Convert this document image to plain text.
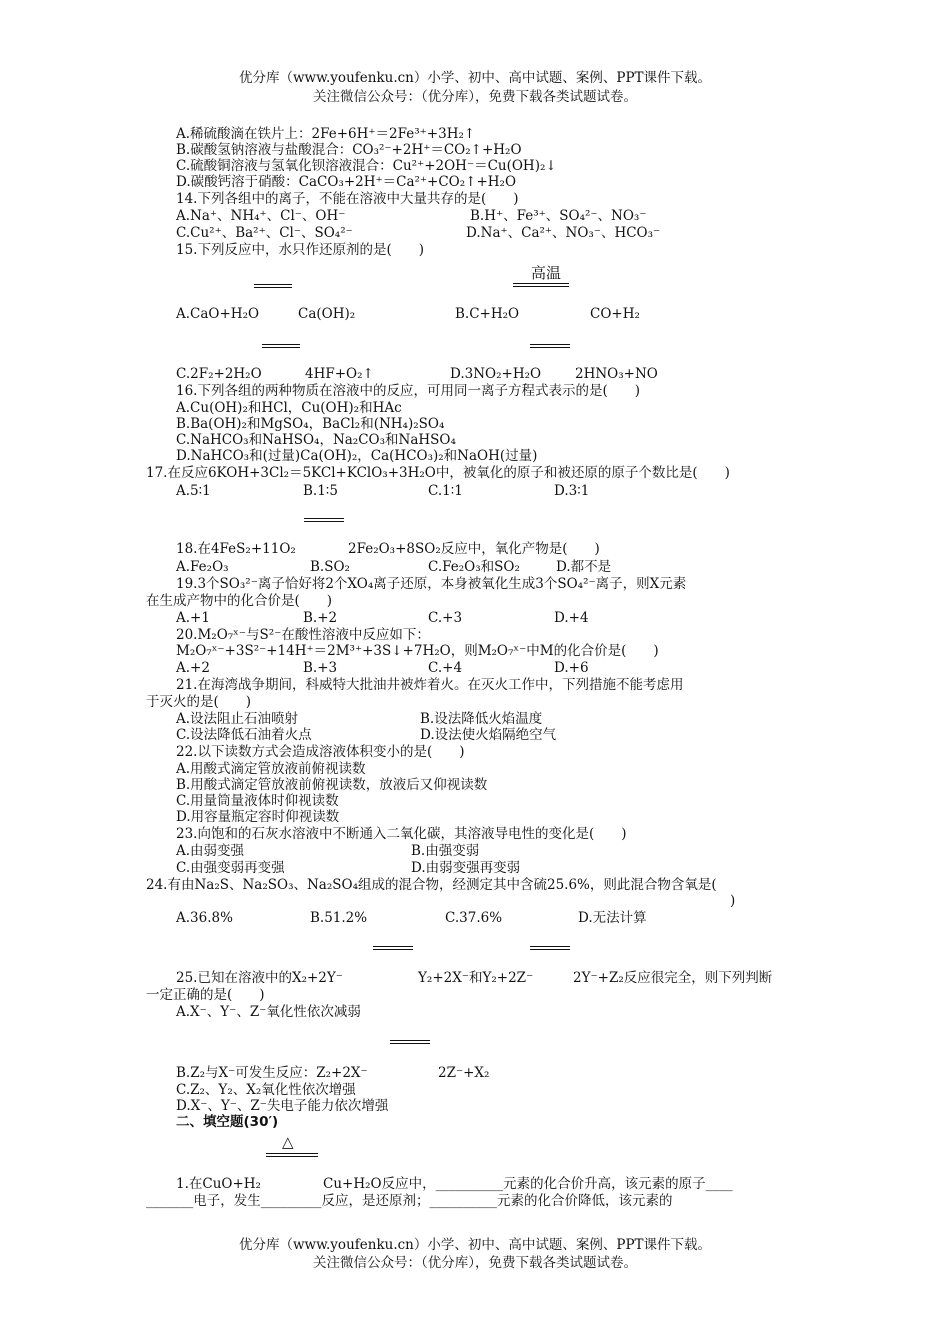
优分库（www.youfenku.cn）小学、初中、高中试题、案例、PPT课件下载。
关注微信公众号：（优分库），免费下载各类试题试卷。
A.稀硫酸滴在铁片上：2Fe+6H⁺＝2Fe³⁺+3H₂↑
B.碳酸氢钠溶液与盐酸混合：CO₃²⁻+2H⁺＝CO₂↑+H₂O
C.硫酸铜溶液与氢氧化钡溶液混合：Cu²⁺+2OH⁻＝Cu(OH)₂↓
D.碳酸钙溶于硝酸：CaCO₃+2H⁺＝Ca²⁺+CO₂↑+H₂O
14.下列各组中的离子，不能在溶液中大量共存的是(　　)
A.Na⁺、NH₄⁺、Cl⁻、OH⁻	B.H⁺、Fe³⁺、SO₄²⁻、NO₃⁻
C.Cu²⁺、Ba²⁺、Cl⁻、SO₄²⁻	D.Na⁺、Ca²⁺、NO₃⁻、HCO₃⁻
15.下列反应中，水只作还原剂的是(　　)
高温
A.CaO+H₂O	Ca(OH)₂	B.C+H₂O	CO+H₂
C.2F₂+2H₂O	4HF+O₂↑	D.3NO₂+H₂O	2HNO₃+NO
16.下列各组的两种物质在溶液中的反应，可用同一离子方程式表示的是(　　)
A.Cu(OH)₂和HCl，Cu(OH)₂和HAc
B.Ba(OH)₂和MgSO₄，BaCl₂和(NH₄)₂SO₄
C.NaHCO₃和NaHSO₄，Na₂CO₃和NaHSO₄
D.NaHCO₃和(过量)Ca(OH)₂，Ca(HCO₃)₂和NaOH(过量)
17.在反应6KOH+3Cl₂＝5KCl+KClO₃+3H₂O中，被氧化的原子和被还原的原子个数比是(　　)
A.5∶1	B.1∶5	C.1∶1	D.3∶1
18.在4FeS₂+11O₂	2Fe₂O₃+8SO₂反应中，氧化产物是(　　)
A.Fe₂O₃	B.SO₂	C.Fe₂O₃和SO₂	D.都不是
19.3个SO₃²⁻离子恰好将2个XO₄离子还原，本身被氧化生成3个SO₄²⁻离子，则X元素
在生成产物中的化合价是(　　)
A.+1	B.+2	C.+3	D.+4
20.M₂O₇ˣ⁻与S²⁻在酸性溶液中反应如下：
M₂O₇ˣ⁻+3S²⁻+14H⁺＝2M³⁺+3S↓+7H₂O，则M₂O₇ˣ⁻中M的化合价是(　　)
A.+2	B.+3	C.+4	D.+6
21.在海湾战争期间，科威特大批油井被炸着火。在灭火工作中，下列措施不能考虑用
于灭火的是(　　)
A.设法阻止石油喷射	B.设法降低火焰温度
C.设法降低石油着火点	D.设法使火焰隔绝空气
22.以下读数方式会造成溶液体积变小的是(　　)
A.用酸式滴定管放液前俯视读数
B.用酸式滴定管放液前俯视读数，放液后又仰视读数
C.用量筒量液体时仰视读数
D.用容量瓶定容时仰视读数
23.向饱和的石灰水溶液中不断通入二氧化碳，其溶液导电性的变化是(　　)
A.由弱变强	B.由强变弱
C.由强变弱再变强	D.由弱变强再变弱
24.有由Na₂S、Na₂SO₃、Na₂SO₄组成的混合物，经测定其中含硫25.6%，则此混合物含氧是(
)
A.36.8%	B.51.2%	C.37.6%	D.无法计算
25.已知在溶液中的X₂+2Y⁻	Y₂+2X⁻和Y₂+2Z⁻	2Y⁻+Z₂反应很完全，则下列判断
一定正确的是(　　)
A.X⁻、Y⁻、Z⁻氧化性依次减弱
B.Z₂与X⁻可发生反应：Z₂+2X⁻	2Z⁻+X₂
C.Z₂、Y₂、X₂氧化性依次增强
D.X⁻、Y⁻、Z⁻失电子能力依次增强
二、填空题(30′)
△
1.在CuO+H₂	Cu+H₂O反应中，__________元素的化合价升高，该元素的原子____
_______电子，发生_________反应，是还原剂；__________元素的化合价降低，该元素的
优分库（www.youfenku.cn）小学、初中、高中试题、案例、PPT课件下载。
关注微信公众号：（优分库），免费下载各类试题试卷。
